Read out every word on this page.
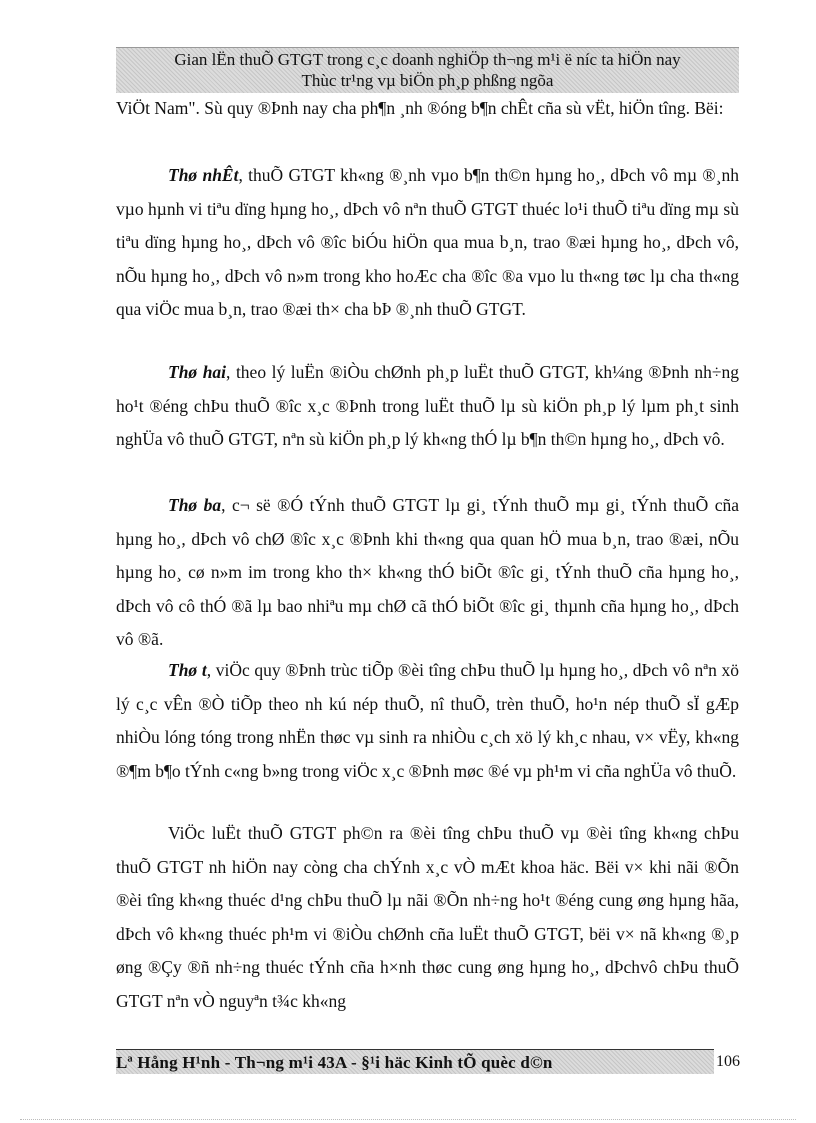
Gian lËn thuÕ GTGT trong c¸c doanh nghiÖp th¬ng m¹i ë níc ta hiÖn nay
Thùc tr¹ng vµ biÖn ph¸p phßng ngõa

ViÖt Nam". Sù quy ®Þnh nay cha ph¶n ¸nh ®óng b¶n chÊt cña sù vËt, hiÖn tîng. Bëi:

Thø nhÊt, thuÕ GTGT kh«ng ®¸nh vµo b¶n th©n hµng ho¸, dÞch vô mµ ®¸nh vµo hµnh vi tiªu dïng hµng ho¸, dÞch vô nªn thuÕ GTGT thuéc lo¹i thuÕ tiªu dïng mµ sù tiªu dïng hµng ho¸, dÞch vô ®îc biÓu hiÖn qua mua b¸n, trao ®æi hµng ho¸, dÞch vô, nÕu hµng ho¸, dÞch vô n»m trong kho hoÆc cha ®îc ®a vµo lu th«ng tøc lµ cha th«ng qua viÖc mua b¸n, trao ®æi th× cha bÞ ®¸nh thuÕ GTGT.

Thø hai, theo lý luËn ®iÒu chØnh ph¸p luËt thuÕ GTGT, kh¼ng ®Þnh nh÷ng ho¹t ®éng chÞu thuÕ ®îc x¸c ®Þnh trong luËt thuÕ lµ sù kiÖn ph¸p lý lµm ph¸t sinh nghÜa vô thuÕ GTGT, nªn sù kiÖn ph¸p lý kh«ng thÓ lµ b¶n th©n hµng ho¸, dÞch vô.

Thø ba, c¬ së ®Ó tÝnh thuÕ GTGT lµ gi¸ tÝnh thuÕ mµ gi¸ tÝnh thuÕ cña hµng ho¸, dÞch vô chØ ®îc x¸c ®Þnh khi th«ng qua quan hÖ mua b¸n, trao ®æi, nÕu hµng ho¸ cø n»m im trong kho th× kh«ng thÓ biÕt ®îc gi¸ tÝnh thuÕ cña hµng ho¸, dÞch vô cô thÓ ®ã lµ bao nhiªu mµ chØ cã thÓ biÕt ®îc gi¸ thµnh cña hµng ho¸, dÞch vô ®ã.

Thø t, viÖc quy ®Þnh trùc tiÕp ®èi tîng chÞu thuÕ lµ hµng ho¸, dÞch vô nªn xö lý c¸c vÊn ®Ò tiÕp theo nh kú nép thuÕ, nî thuÕ, trèn thuÕ, ho¹n nép thuÕ sÏ gÆp nhiÒu lóng tóng trong nhËn thøc vµ sinh ra nhiÒu c¸ch xö lý kh¸c nhau, v× vËy, kh«ng ®¶m b¶o tÝnh c«ng b»ng trong viÖc x¸c ®Þnh møc ®é vµ ph¹m vi cña nghÜa vô thuÕ.

ViÖc luËt thuÕ GTGT ph©n ra ®èi tîng chÞu thuÕ vµ ®èi tîng kh«ng chÞu thuÕ GTGT nh hiÖn nay còng cha chÝnh x¸c vÒ mÆt khoa häc. Bëi v× khi nãi ®Õn ®èi tîng kh«ng thuéc d¹ng chÞu thuÕ lµ nãi ®Õn nh÷ng ho¹t ®éng cung øng hµng hãa, dÞch vô kh«ng thuéc ph¹m vi ®iÒu chØnh cña luËt thuÕ GTGT, bëi v× nã kh«ng ®¸p øng ®Çy ®ñ nh÷ng thuéc tÝnh cña h×nh thøc cung øng hµng ho¸, dÞchvô chÞu thuÕ GTGT nªn vÒ nguyªn t¾c kh«ng

Lª Hång H¹nh - Th¬ng m¹i 43A - §¹i häc Kinh tÕ quèc d©n	106
